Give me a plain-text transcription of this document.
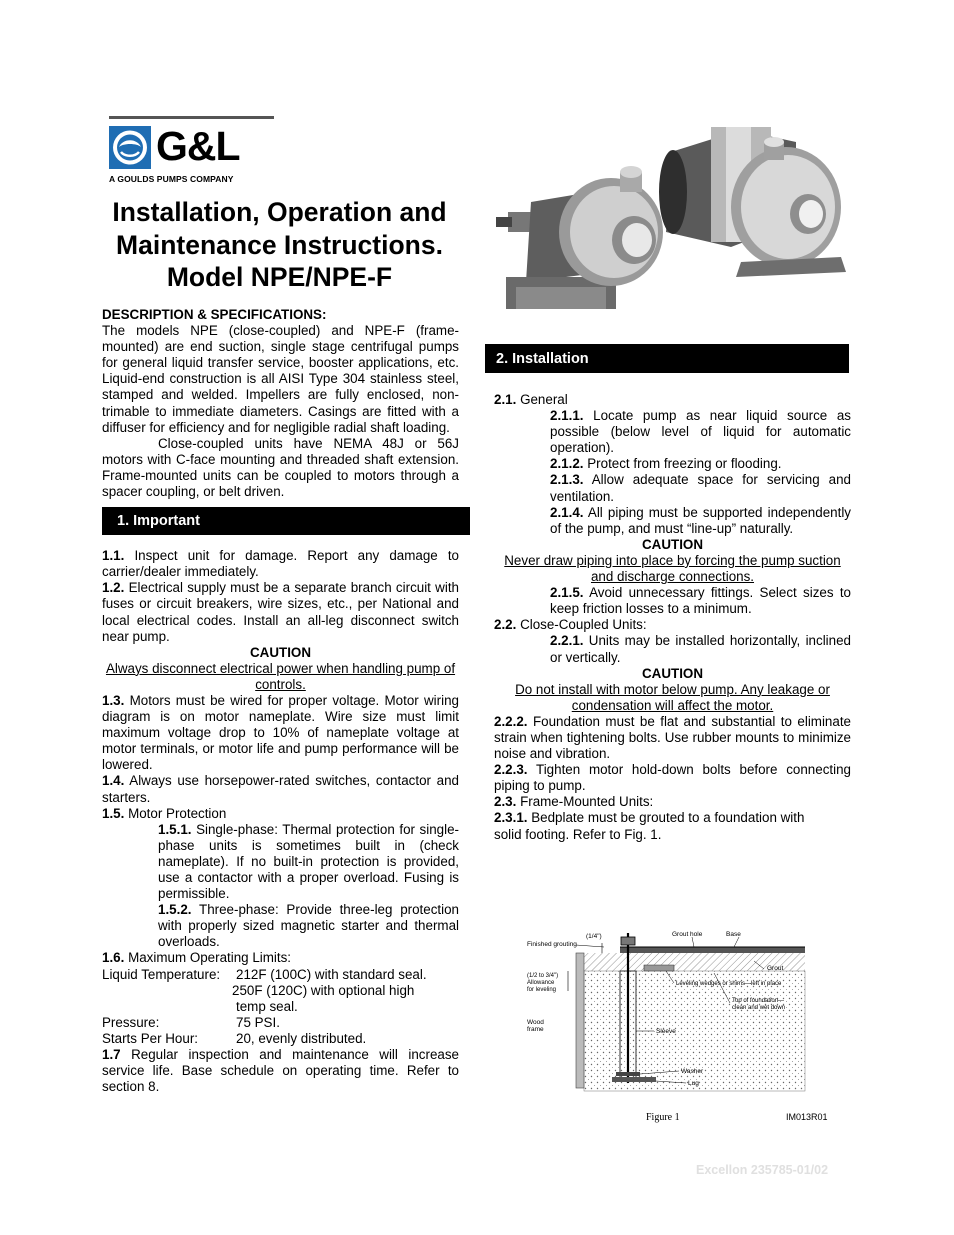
G&L
A GOULDS PUMPS COMPANY
Installation, Operation and
Maintenance Instructions.
Model NPE/NPE-F

DESCRIPTION & SPECIFICATIONS:

The models NPE (close-coupled) and NPE-F (frame-mounted) are end suction, single stage centrifugal pumps for general liquid transfer service, booster applications, etc. Liquid-end construction is all AISI Type 304 stainless steel, stamped and welded. Impellers are fully enclosed, non-trimable to immediate diameters. Casings are fitted with a diffuser for efficiency and for negligible radial shaft loading.

Close-coupled units have NEMA 48J or 56J motors with C-face mounting and threaded shaft extension. Frame-mounted units can be coupled to motors through a spacer coupling, or belt driven.

1. Important

1.1. Inspect unit for damage. Report any damage to carrier/dealer immediately.

1.2. Electrical supply must be a separate branch circuit with fuses or circuit breakers, wire sizes, etc., per National and local electrical codes. Install an all-leg disconnect switch near pump.

CAUTION

Always disconnect electrical power when handling pump of controls.

1.3. Motors must be wired for proper voltage. Motor wiring diagram is on motor nameplate. Wire size must limit maximum voltage drop to 10% of nameplate voltage at motor terminals, or motor life and pump performance will be lowered.

1.4. Always use horsepower-rated switches, contactor and starters.

1.5. Motor Protection

1.5.1. Single-phase: Thermal protection for single-phase units is sometimes built in (check nameplate). If no built-in protection is provided, use a contactor with a proper overload. Fusing is permissible.

1.5.2. Three-phase: Provide three-leg protection with properly sized magnetic starter and thermal overloads.

1.6. Maximum Operating Limits:

Liquid Temperature:	212F (100C) with standard seal.
250F (120C) with optional high
temp seal.
Pressure:	75 PSI.
Starts Per Hour:	20, evenly distributed.

1.7 Regular inspection and maintenance will increase service life. Base schedule on operating time. Refer to section 8.

2. Installation

2.1. General

2.1.1. Locate pump as near liquid source as possible (below level of liquid for automatic operation).

2.1.2. Protect from freezing or flooding.

2.1.3. Allow adequate space for servicing and ventilation.

2.1.4. All piping must be supported independently of the pump, and must “line-up” naturally.

CAUTION

Never draw piping into place by forcing the pump suction and discharge connections.

2.1.5. Avoid unnecessary fittings. Select sizes to keep friction losses to a minimum.

2.2. Close-Coupled Units:

2.2.1. Units may be installed horizontally, inclined or vertically.

CAUTION

Do not install with motor below pump. Any leakage or condensation will affect the motor.

2.2.2. Foundation must be flat and substantial to eliminate strain when tightening bolts. Use rubber mounts to minimize noise and vibration.

2.2.3. Tighten motor hold-down bolts before connecting piping to pump.

2.3. Frame-Mounted Units:

2.3.1. Bedplate must be grouted to a foundation with solid footing. Refer to Fig. 1.

(1/4")	Grout hole	Base
Finished grouting
Grout
(1/2 to 3/4")
Allowance
for leveling
Leveling wedges or shims—left in place
Top of foundation—
clean and wet down
Wood
frame	Sleeve
Washer
Lug
Figure 1	IM013R01
Excellon 235785-01/02
